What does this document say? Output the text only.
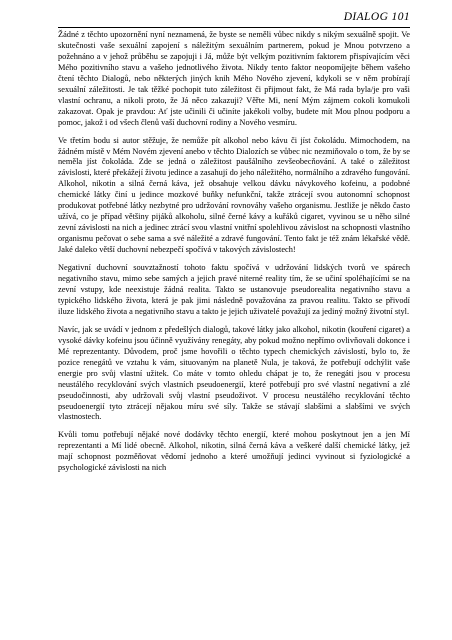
DIALOG 101

Žádné z těchto upozornění nyní neznamená, že byste se neměli vůbec nikdy s nikým sexuálně spojit. Ve skutečnosti vaše sexuální zapojení s náležitým sexuálním partnerem, pokud je Mnou potvrzeno a požehnáno a v jehož průběhu se zapojuji i Já, může být velkým pozitivním faktorem přispívajícím věci Mého pozitivního stavu a vašeho jednotlivého života. Nikdy tento faktor neopomíjejte během vašeho čtení těchto Dialogů, nebo některých jiných knih Mého Nového zjevení, kdykoli se v něm probírají sexuální záležitosti. Je tak těžké pochopit tuto záležitost či přijmout fakt, že Má rada byla/je pro vaši vlastní ochranu, a nikoli proto, že Já něco zakazuji? Věřte Mi, není Mým zájmem cokoli komukoli zakazovat. Opak je pravdou: Ať jste učinili či učiníte jakékoli volby, budete mít Mou plnou podporu a pomoc, jakož i od všech členů vaší duchovní rodiny a Nového vesmíru.

Ve třetím bodu si autor stěžuje, že nemůže pít alkohol nebo kávu či jíst čokoládu. Mimochodem, na žádném místě v Mém Novém zjevení anebo v těchto Dialozích se vůbec nic nezmiňovalo o tom, že by se neměla jíst čokoláda. Zde se jedná o záležitost paušálního zevšeobecňování. A také o záležitost závislosti, které překážejí životu jedince a zasahují do jeho náležitého, normálního a zdravého fungování. Alkohol, nikotin a silná černá káva, jež obsahuje velkou dávku návykového kofeinu, a podobné chemické látky činí u jedince mozkové buňky nefunkční, takže ztrácejí svou autonomní schopnost produkovat potřebné látky nezbytné pro udržování rovnováhy vašeho organismu. Jestliže je někdo často užívá, co je případ většiny pijáků alkoholu, silné černé kávy a kuřáků cigaret, vyvinou se u něho silné zevní závislosti na nich a jedinec ztrácí svou vlastní vnitřní spolehlivou závislost na schopnosti vlastního organismu pečovat o sebe sama a své náležité a zdravé fungování. Tento fakt je též znám lékařské vědě. Jaké daleko větší duchovní nebezpečí spočívá v takových závislostech!

Negativní duchovní souvztažností tohoto faktu spočívá v udržování lidských tvorů ve spárech negativního stavu, mimo sebe samých a jejich pravé niterné reality tím, že se učiní spoléhajícími se na zevní vstupy, kde neexistuje žádná realita. Takto se ustanovuje pseudorealita negativního stavu a typického lidského života, která je pak jimi následně považována za pravou realitu. Takto se přivodí iluze lidského života a negativního stavu a takto je jejich uživatelé považují za jediný možný životní styl.

Navíc, jak se uvádí v jednom z předešlých dialogů, takové látky jako alkohol, nikotin (kouření cigaret) a vysoké dávky kofeinu jsou účinně využívány renegáty, aby pokud možno nepřímo ovlivňovali dokonce i Mé reprezentanty. Důvodem, proč jsme hovořili o těchto typech chemických závislostí, bylo to, že pozice renegátů ve vztahu k vám, situovaným na planetě Nula, je taková, že potřebují odchýlit vaše energie pro svůj vlastní užitek. Co máte v tomto ohledu chápat je to, že renegáti jsou v procesu neustálého recyklování svých vlastních pseudoenergií, které potřebují pro své vlastní negativní a zlé pseudočinnosti, aby udržovali svůj vlastní pseudoživot. V procesu neustálého recyklování těchto pseudoenergií tyto ztrácejí nějakou míru své síly. Takže se stávají slabšími a slabšími ve svých vlastnostech.

Kvůli tomu potřebují nějaké nové dodávky těchto energií, které mohou poskytnout jen a jen Mí reprezentanti a Mí lidé obecně. Alkohol, nikotin, silná černá káva a veškeré další chemické látky, jež mají schopnost pozměňovat vědomí jednoho a které umožňují jedinci vyvinout si fyziologické a psychologické závislosti na nich
